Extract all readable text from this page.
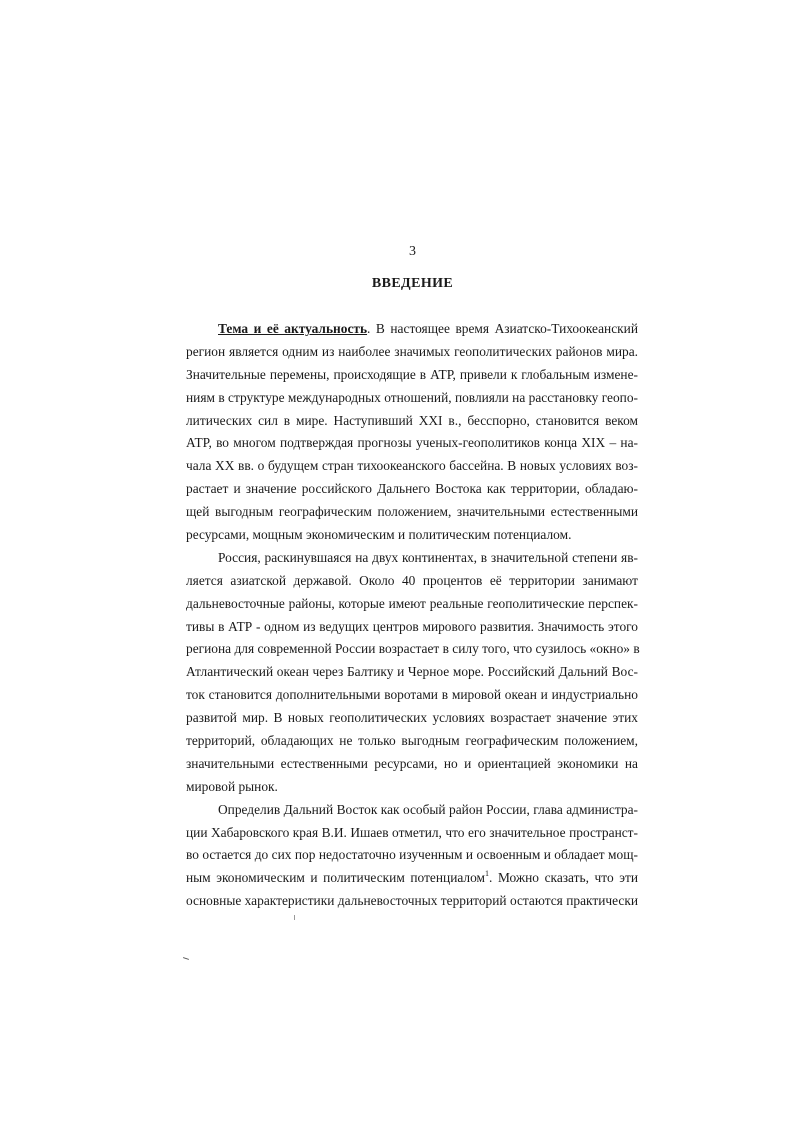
3
ВВЕДЕНИЕ
Тема и её актуальность. В настоящее время Азиатско-Тихоокеанский
регион является одним из наиболее значимых геополитических районов мира.
Значительные перемены, происходящие в АТР, привели к глобальным измене-
ниям в структуре международных отношений, повлияли на расстановку геопо-
литических сил в мире. Наступивший XXI в., бесспорно, становится веком
АТР, во многом подтверждая прогнозы ученых-геополитиков конца XIX – на-
чала XX вв. о будущем стран тихоокеанского бассейна. В новых условиях воз-
растает и значение российского Дальнего Востока как территории, обладаю-
щей выгодным географическим положением, значительными естественными
ресурсами, мощным экономическим и политическим потенциалом.
Россия, раскинувшаяся на двух континентах, в значительной степени яв-
ляется азиатской державой. Около 40 процентов её территории занимают
дальневосточные районы, которые имеют реальные геополитические перспек-
тивы в АТР - одном из ведущих центров мирового развития. Значимость этого
региона для современной России возрастает в силу того, что сузилось «окно» в
Атлантический океан через Балтику и Черное море. Российский Дальний Вос-
ток становится дополнительными воротами в мировой океан и индустриально
развитой мир. В новых геополитических условиях возрастает значение этих
территорий, обладающих не только выгодным географическим положением,
значительными естественными ресурсами, но и ориентацией экономики на
мировой рынок.
Определив Дальний Восток как особый район России, глава администра-
ции Хабаровского края В.И. Ишаев отметил, что его значительное пространст-
во остается до сих пор недостаточно изученным и освоенным и обладает мощ-
ным экономическим и политическим потенциалом$^1$. Можно сказать, что эти
основные характеристики дальневосточных территорий остаются практически
